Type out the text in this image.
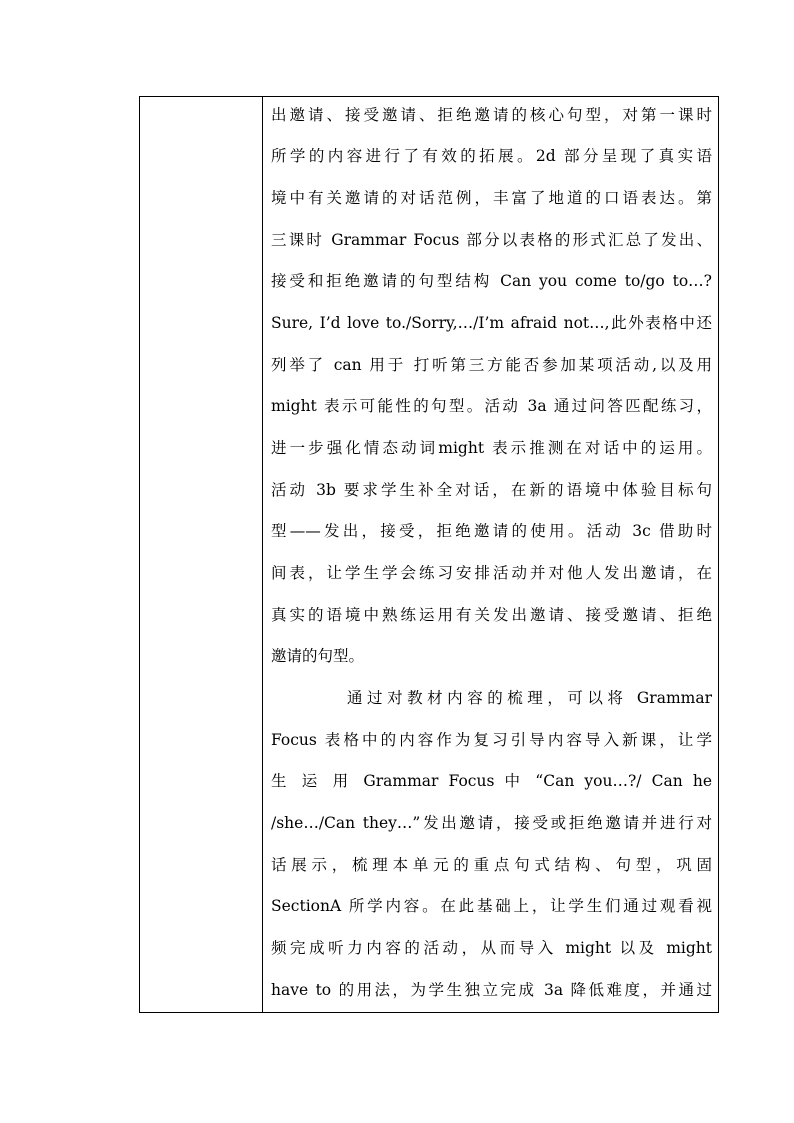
出邀请、接受邀请、拒绝邀请的核心句型，对第一课时
所学的内容进行了有效的拓展。2d 部分呈现了真实语
境中有关邀请的对话范例，丰富了地道的口语表达。第
三课时 Grammar Focus 部分以表格的形式汇总了发出、
接受和拒绝邀请的句型结构 Can you come to/go to…?
Sure, I’d love to./Sorry,…/I’m afraid not…,此外表格中还
列举了 can 用于 打听第三方能否参加某项活动,以及用
might 表示可能性的句型。活动 3a 通过问答匹配练习，
进一步强化情态动词might 表示推测在对话中的运用。
活动 3b 要求学生补全对话，在新的语境中体验目标句
型——发出，接受，拒绝邀请的使用。活动 3c 借助时
间表，让学生学会练习安排活动并对他人发出邀请，在
真实的语境中熟练运用有关发出邀请、接受邀请、拒绝
邀请的句型。
通过对教材内容的梳理，可以将 Grammar
Focus 表格中的内容作为复习引导内容导入新课，让学
生 运 用 Grammar Focus 中 “Can you…?/ Can he
/she…/Can they…”发出邀请，接受或拒绝邀请并进行对
话展示，梳理本单元的重点句式结构、句型，巩固
SectionA 所学内容。在此基础上，让学生们通过观看视
频完成听力内容的活动，从而导入 might 以及 might
have to 的用法，为学生独立完成 3a 降低难度，并通过
